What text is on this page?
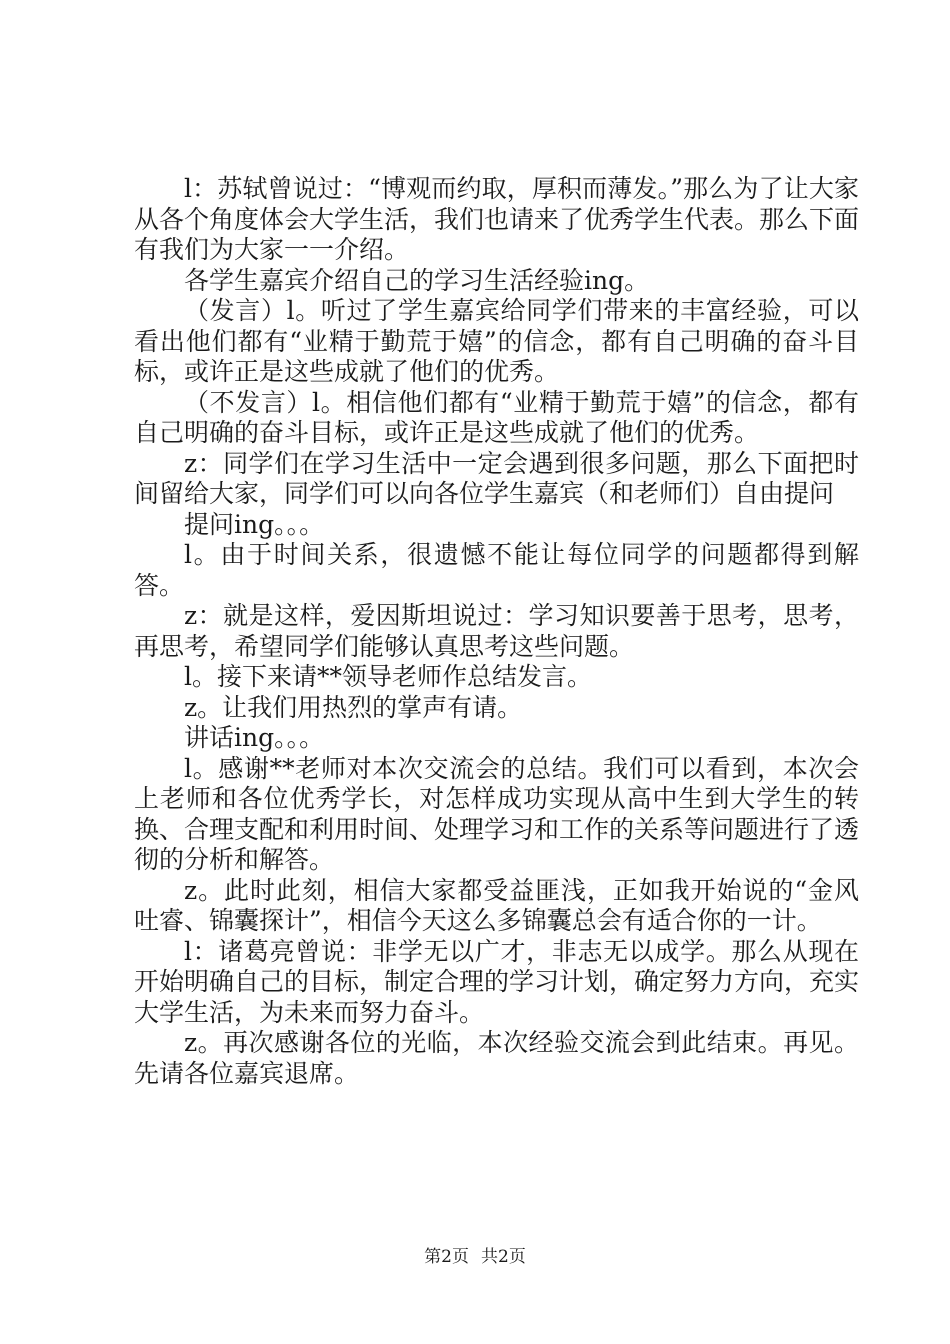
l：苏轼曾说过：“博观而约取，厚积而薄发。”那么为了让大家从各个角度体会大学生活，我们也请来了优秀学生代表。那么下面有我们为大家一一介绍。

各学生嘉宾介绍自己的学习生活经验ing。

（发言）l。听过了学生嘉宾给同学们带来的丰富经验，可以看出他们都有“业精于勤荒于嬉”的信念，都有自己明确的奋斗目标，或许正是这些成就了他们的优秀。

（不发言）l。相信他们都有“业精于勤荒于嬉”的信念，都有自己明确的奋斗目标，或许正是这些成就了他们的优秀。

z：同学们在学习生活中一定会遇到很多问题，那么下面把时间留给大家，同学们可以向各位学生嘉宾（和老师们）自由提问

提问ing。。。

l。由于时间关系，很遗憾不能让每位同学的问题都得到解答。

z：就是这样，爱因斯坦说过：学习知识要善于思考，思考，再思考，希望同学们能够认真思考这些问题。

l。接下来请**领导老师作总结发言。

z。让我们用热烈的掌声有请。

讲话ing。。。

l。感谢**老师对本次交流会的总结。我们可以看到，本次会上老师和各位优秀学长，对怎样成功实现从高中生到大学生的转换、合理支配和利用时间、处理学习和工作的关系等问题进行了透彻的分析和解答。

z。此时此刻，相信大家都受益匪浅，正如我开始说的“金风吐睿、锦囊探计”，相信今天这么多锦囊总会有适合你的一计。

l：诸葛亮曾说：非学无以广才，非志无以成学。那么从现在开始明确自己的目标，制定合理的学习计划，确定努力方向，充实大学生活，为未来而努力奋斗。

z。再次感谢各位的光临，本次经验交流会到此结束。再见。先请各位嘉宾退席。

第2页 共2页
